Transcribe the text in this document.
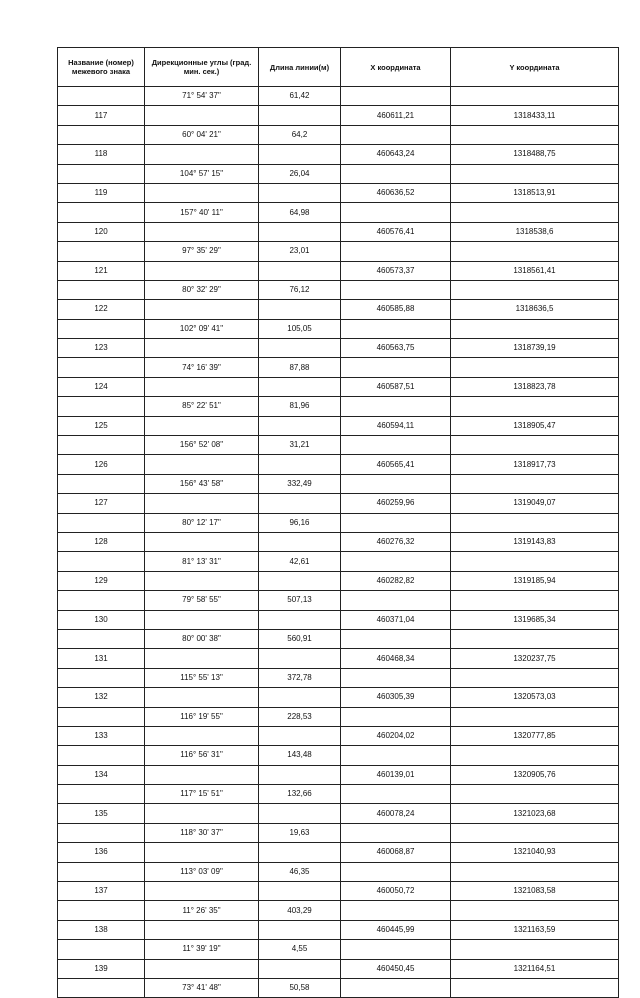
Название (номер) межевого знака	Дирекционные углы (град. мин. сек.)	Длина линии(м)	X координата	Y координата
	71° 54' 37"	61,42		
117			460611,21	1318433,11
	60° 04' 21"	64,2		
118			460643,24	1318488,75
	104° 57' 15"	26,04		
119			460636,52	1318513,91
	157° 40' 11"	64,98		
120			460576,41	1318538,6
	97° 35' 29"	23,01		
121			460573,37	1318561,41
	80° 32' 29"	76,12		
122			460585,88	1318636,5
	102° 09' 41"	105,05		
123			460563,75	1318739,19
	74° 16' 39"	87,88		
124			460587,51	1318823,78
	85° 22' 51"	81,96		
125			460594,11	1318905,47
	156° 52' 08"	31,21		
126			460565,41	1318917,73
	156° 43' 58"	332,49		
127			460259,96	1319049,07
	80° 12' 17"	96,16		
128			460276,32	1319143,83
	81° 13' 31"	42,61		
129			460282,82	1319185,94
	79° 58' 55"	507,13		
130			460371,04	1319685,34
	80° 00' 38"	560,91		
131			460468,34	1320237,75
	115° 55' 13"	372,78		
132			460305,39	1320573,03
	116° 19' 55"	228,53		
133			460204,02	1320777,85
	116° 56' 31"	143,48		
134			460139,01	1320905,76
	117° 15' 51"	132,66		
135			460078,24	1321023,68
	118° 30' 37"	19,63		
136			460068,87	1321040,93
	113° 03' 09"	46,35		
137			460050,72	1321083,58
	11° 26' 35"	403,29		
138			460445,99	1321163,59
	11° 39' 19"	4,55		
139			460450,45	1321164,51
	73° 41' 48"	50,58		
